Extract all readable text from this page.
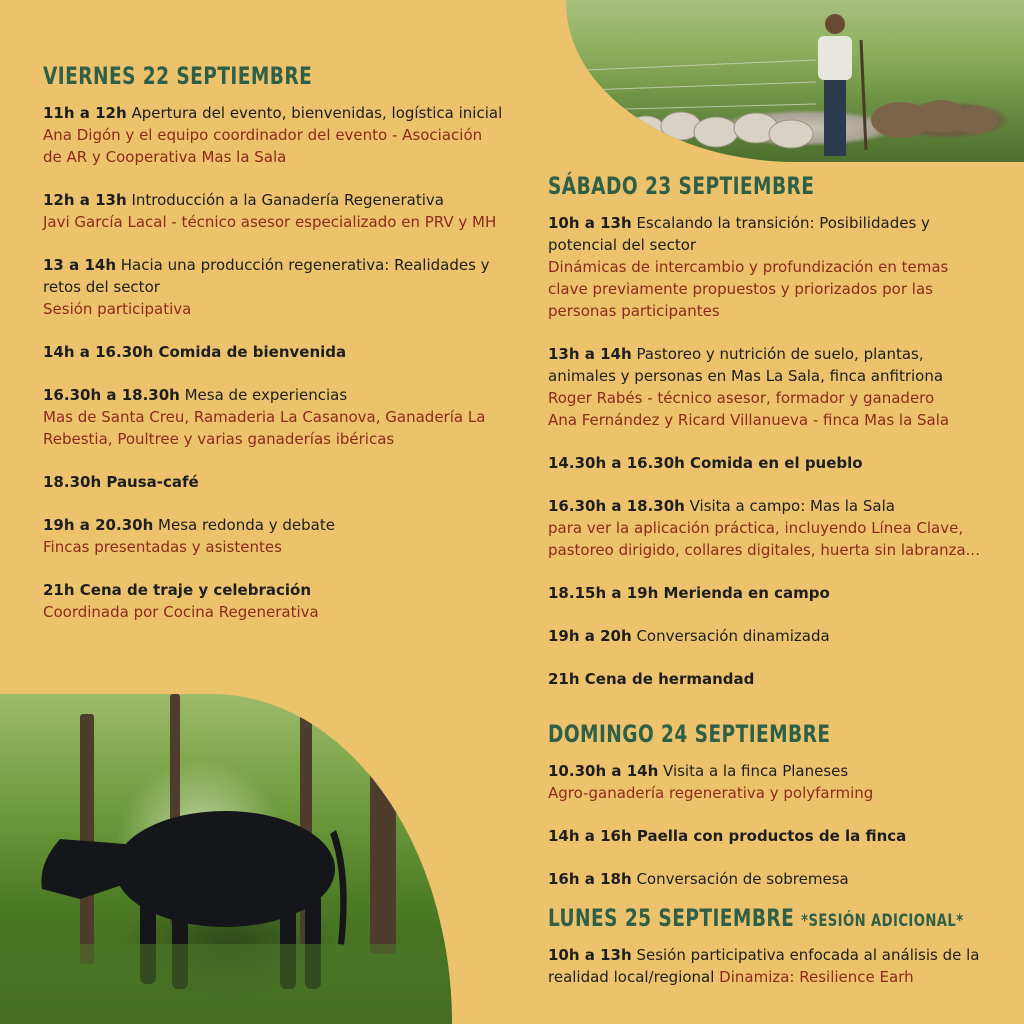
VIERNES 22 SEPTIEMBRE
11h a 12h Apertura del evento, bienvenidas, logística inicial
Ana Digón y el equipo coordinador del evento - Asociación de AR y Cooperativa Mas la Sala
12h a 13h Introducción a la Ganadería Regenerativa
Javi García Lacal - técnico asesor especializado en PRV y MH
13 a 14h Hacia una producción regenerativa: Realidades y retos del sector
Sesión participativa
14h a 16.30h Comida de bienvenida
16.30h a 18.30h Mesa de experiencias
Mas de Santa Creu, Ramaderia La Casanova, Ganadería La Rebestia, Poultree y varias ganaderías ibéricas
18.30h Pausa-café
19h a 20.30h Mesa redonda y debate
Fincas presentadas y asistentes
21h Cena de traje y celebración
Coordinada por Cocina Regenerativa
SÁBADO 23 SEPTIEMBRE
10h a 13h Escalando la transición: Posibilidades y potencial del sector
Dinámicas de intercambio y profundización en temas clave previamente propuestos y priorizados por las personas participantes
13h a 14h Pastoreo y nutrición de suelo, plantas, animales y personas en Mas La Sala, finca anfitriona
Roger Rabés - técnico asesor, formador y ganadero
Ana Fernández y Ricard Villanueva - finca Mas la Sala
14.30h a 16.30h Comida en el pueblo
16.30h a 18.30h Visita a campo: Mas la Sala
para ver la aplicación práctica, incluyendo Línea Clave, pastoreo dirigido, collares digitales, huerta sin labranza...
18.15h a 19h Merienda en campo
19h a 20h Conversación dinamizada
21h Cena de hermandad
DOMINGO 24 SEPTIEMBRE
10.30h a 14h Visita a la finca Planeses
Agro-ganadería regenerativa y polyfarming
14h a 16h Paella con productos de la finca
16h a 18h Conversación de sobremesa
LUNES 25 SEPTIEMBRE *SESIÓN ADICIONAL*
10h a 13h Sesión participativa enfocada al análisis de la realidad local/regional Dinamiza: Resilience Earh
